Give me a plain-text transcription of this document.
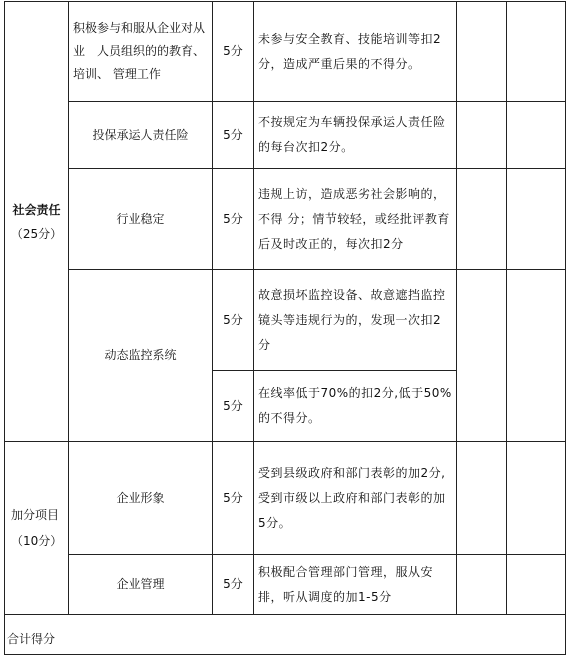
社会责任
（25分）	积极参与和服从企业对从业　人员组织的的教育、培训、 管理工作	5分	未参与安全教育、技能培训等扣2分，造成严重后果的不得分。		
	投保承运人责任险	5分	不按规定为车辆投保承运人责任险的每台次扣2分。		
	行业稳定	5分	违规上访，造成恶劣社会影响的，不得 分；情节较轻，或经批评教育后及时改正的，每次扣2分		
	动态监控系统	5分	故意损坏监控设备、故意遮挡监控镜头等违规行为的，发现一次扣2分		
		5分	在线率低于70%的扣2分,低于50%的不得分。		
加分项目（10分）	企业形象	5分	受到县级政府和部门表彰的加2分,受到市级以上政府和部门表彰的加5分。		
	企业管理	5分	积极配合管理部门管理，服从安排，听从调度的加1-5分		
合计得分					
